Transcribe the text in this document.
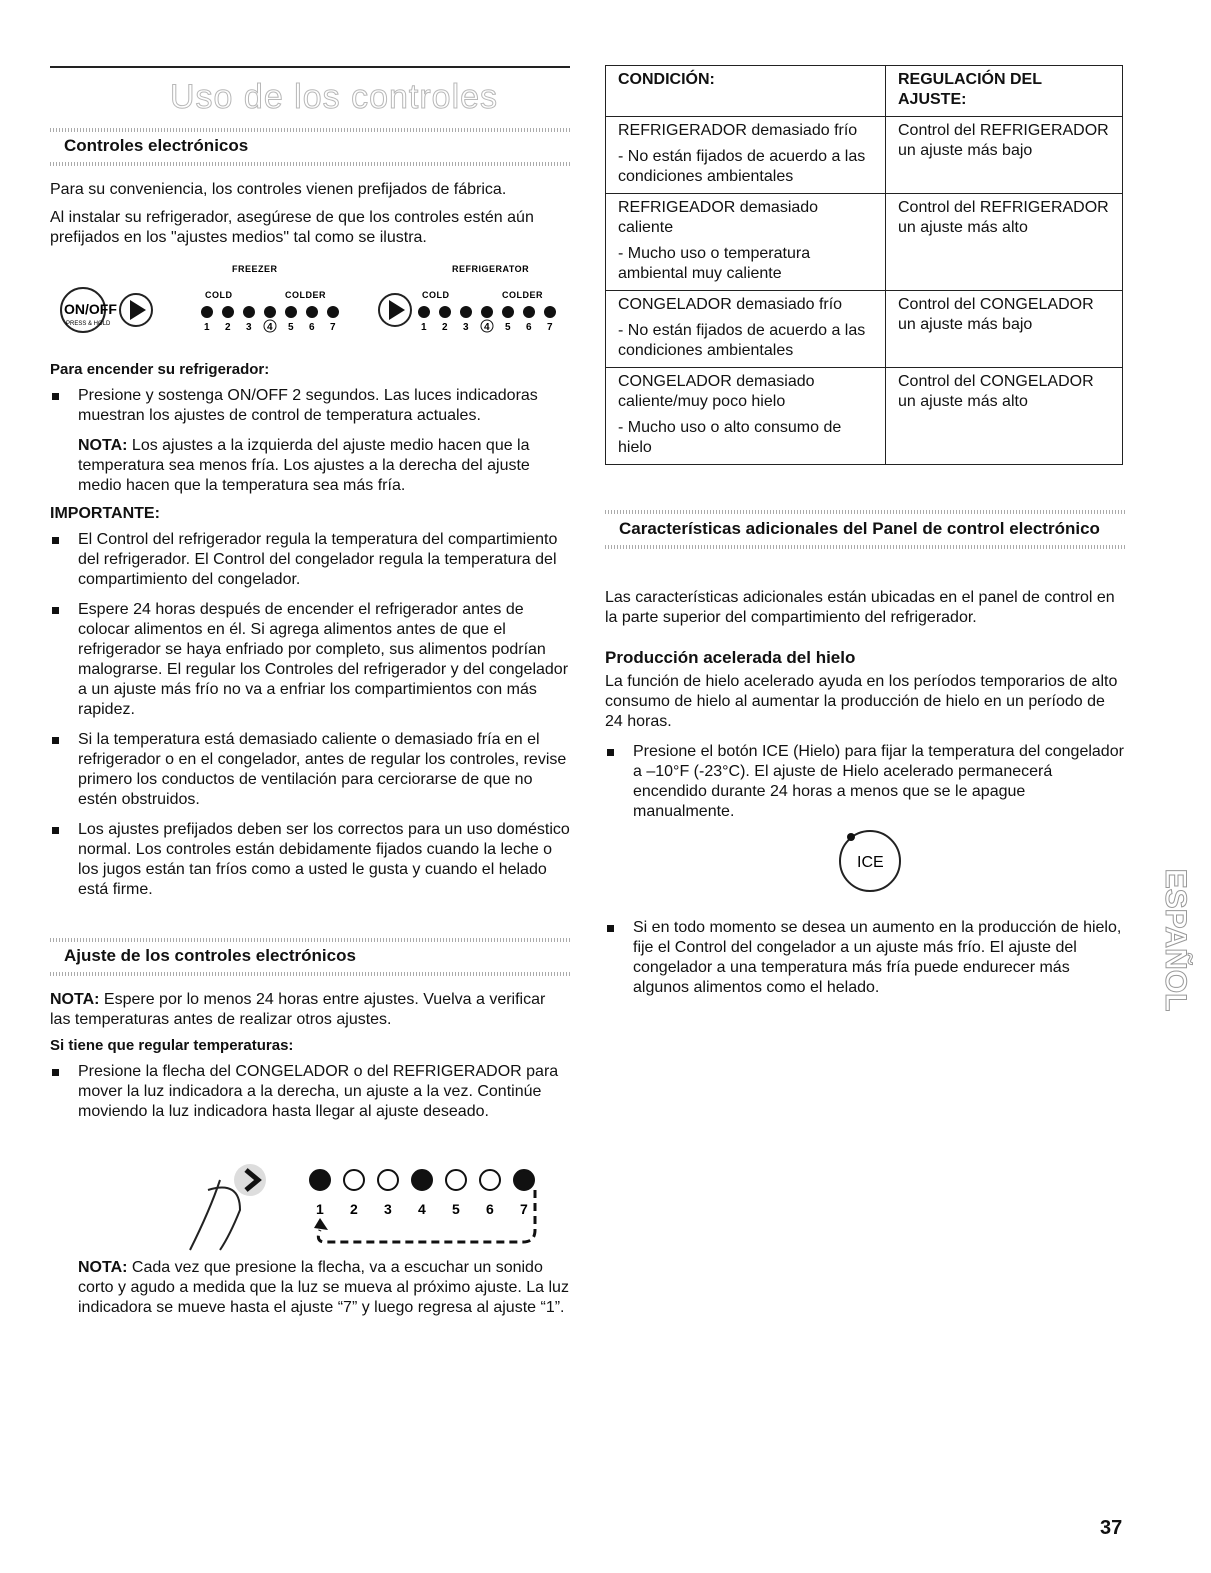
Uso de los controles
Controles electrónicos

Para su conveniencia, los controles vienen prefijados de fábrica.

Al instalar su refrigerador, asegúrese de que los controles estén aún prefijados en los "ajustes medios" tal como se ilustra.

FREEZER	REFRIGERATOR
ON/OFF
PRESS & HOLD
COLD	COLDER
1 2 3 4 5 6 7
COLD	COLDER
1 2 3 4 5 6 7

Para encender su refrigerador:

Presione y sostenga ON/OFF 2 segundos. Las luces indicadoras muestran los ajustes de control de temperatura actuales.
NOTA: Los ajustes a la izquierda del ajuste medio hacen que la temperatura sea menos fría. Los ajustes a la derecha del ajuste medio hacen que la temperatura sea más fría.

IMPORTANTE:

El Control del refrigerador regula la temperatura del compartimiento del refrigerador. El Control del congelador regula la temperatura del compartimiento del congelador.
Espere 24 horas después de encender el refrigerador antes de colocar alimentos en él. Si agrega alimentos antes de que el refrigerador se haya enfriado por completo, sus alimentos podrían malograrse. El regular los Controles del refrigerador y del congelador a un ajuste más frío no va a enfriar los compartimientos con más rapidez.
Si la temperatura está demasiado caliente o demasiado fría en el refrigerador o en el congelador, antes de regular los controles, revise primero los conductos de ventilación para cerciorarse de que no estén obstruidos.
Los ajustes prefijados deben ser los correctos para un uso doméstico normal. Los controles están debidamente fijados cuando la leche o los jugos están tan fríos como a usted le gusta y cuando el helado está firme.
Ajuste de los controles electrónicos

NOTA: Espere por lo menos 24 horas entre ajustes. Vuelva a verificar las temperaturas antes de realizar otros ajustes.

Si tiene que regular temperaturas:

Presione la flecha del CONGELADOR o del REFRIGERADOR para mover la luz indicadora a la derecha, un ajuste a la vez. Continúe moviendo la luz indicadora hasta llegar al ajuste deseado.
1 2 3 4 5 6 7
NOTA: Cada vez que presione la flecha, va a escuchar un sonido corto y agudo a medida que la luz se mueva al próximo ajuste. La luz indicadora se mueve hasta el ajuste “7” y luego regresa al ajuste “1”.
CONDICIÓN:	REGULACIÓN DEL AJUSTE:

REFRIGERADOR demasiado frío
- No están fijados de acuerdo a las condiciones ambientales	Control del REFRIGERADOR un ajuste más bajo

REFRIGEADOR demasiado caliente
- Mucho uso o temperatura ambiental muy caliente	Control del REFRIGERADOR un ajuste más alto

CONGELADOR demasiado frío
- No están fijados de acuerdo a las condiciones ambientales	Control del CONGELADOR un ajuste más bajo

CONGELADOR demasiado caliente/muy poco hielo
- Mucho uso o alto consumo de hielo	Control del CONGELADOR un ajuste más alto
Características adicionales del Panel de control electrónico

Las características adicionales están ubicadas en el panel de control en la parte superior del compartimiento del refrigerador.

Producción acelerada del hielo

La función de hielo acelerado ayuda en los períodos temporarios de alto consumo de hielo al aumentar la producción de hielo en un período de 24 horas.

Presione el botón ICE (Hielo) para fijar la temperatura del congelador a –10°F (-23°C). El ajuste de Hielo acelerado permanecerá encendido durante 24 horas a menos que se le apague manualmente.
ICE
Si en todo momento se desea un aumento en la producción de hielo, fije el Control del congelador a un ajuste más frío. El ajuste del congelador a una temperatura más fría puede endurecer más algunos alimentos como el helado.	ESPAÑOL
37
